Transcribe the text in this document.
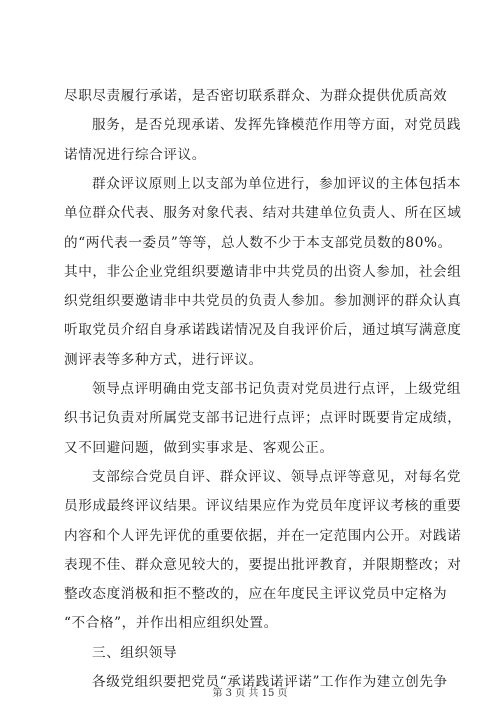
尽职尽责履行承诺，是否密切联系群众、为群众提供优质高效
服务，是否兑现承诺、发挥先锋模范作用等方面，对党员践
诺情况进行综合评议。
群众评议原则上以支部为单位进行，参加评议的主体包括本
单位群众代表、服务对象代表、结对共建单位负责人、所在区域
的“两代表一委员”等等，总人数不少于本支部党员数的80%。
其中，非公企业党组织要邀请非中共党员的出资人参加，社会组
织党组织要邀请非中共党员的负责人参加。参加测评的群众认真
听取党员介绍自身承诺践诺情况及自我评价后，通过填写满意度
测评表等多种方式，进行评议。
领导点评明确由党支部书记负责对党员进行点评，上级党组
织书记负责对所属党支部书记进行点评；点评时既要肯定成绩，
又不回避问题，做到实事求是、客观公正。
支部综合党员自评、群众评议、领导点评等意见，对每名党
员形成最终评议结果。评议结果应作为党员年度评议考核的重要
内容和个人评先评优的重要依据，并在一定范围内公开。对践诺
表现不佳、群众意见较大的，要提出批评教育，并限期整改；对
整改态度消极和拒不整改的，应在年度民主评议党员中定格为
“不合格”，并作出相应组织处置。
三、组织领导
各级党组织要把党员“承诺践诺评诺”工作作为建立创先争
第 3 页 共 15 页
